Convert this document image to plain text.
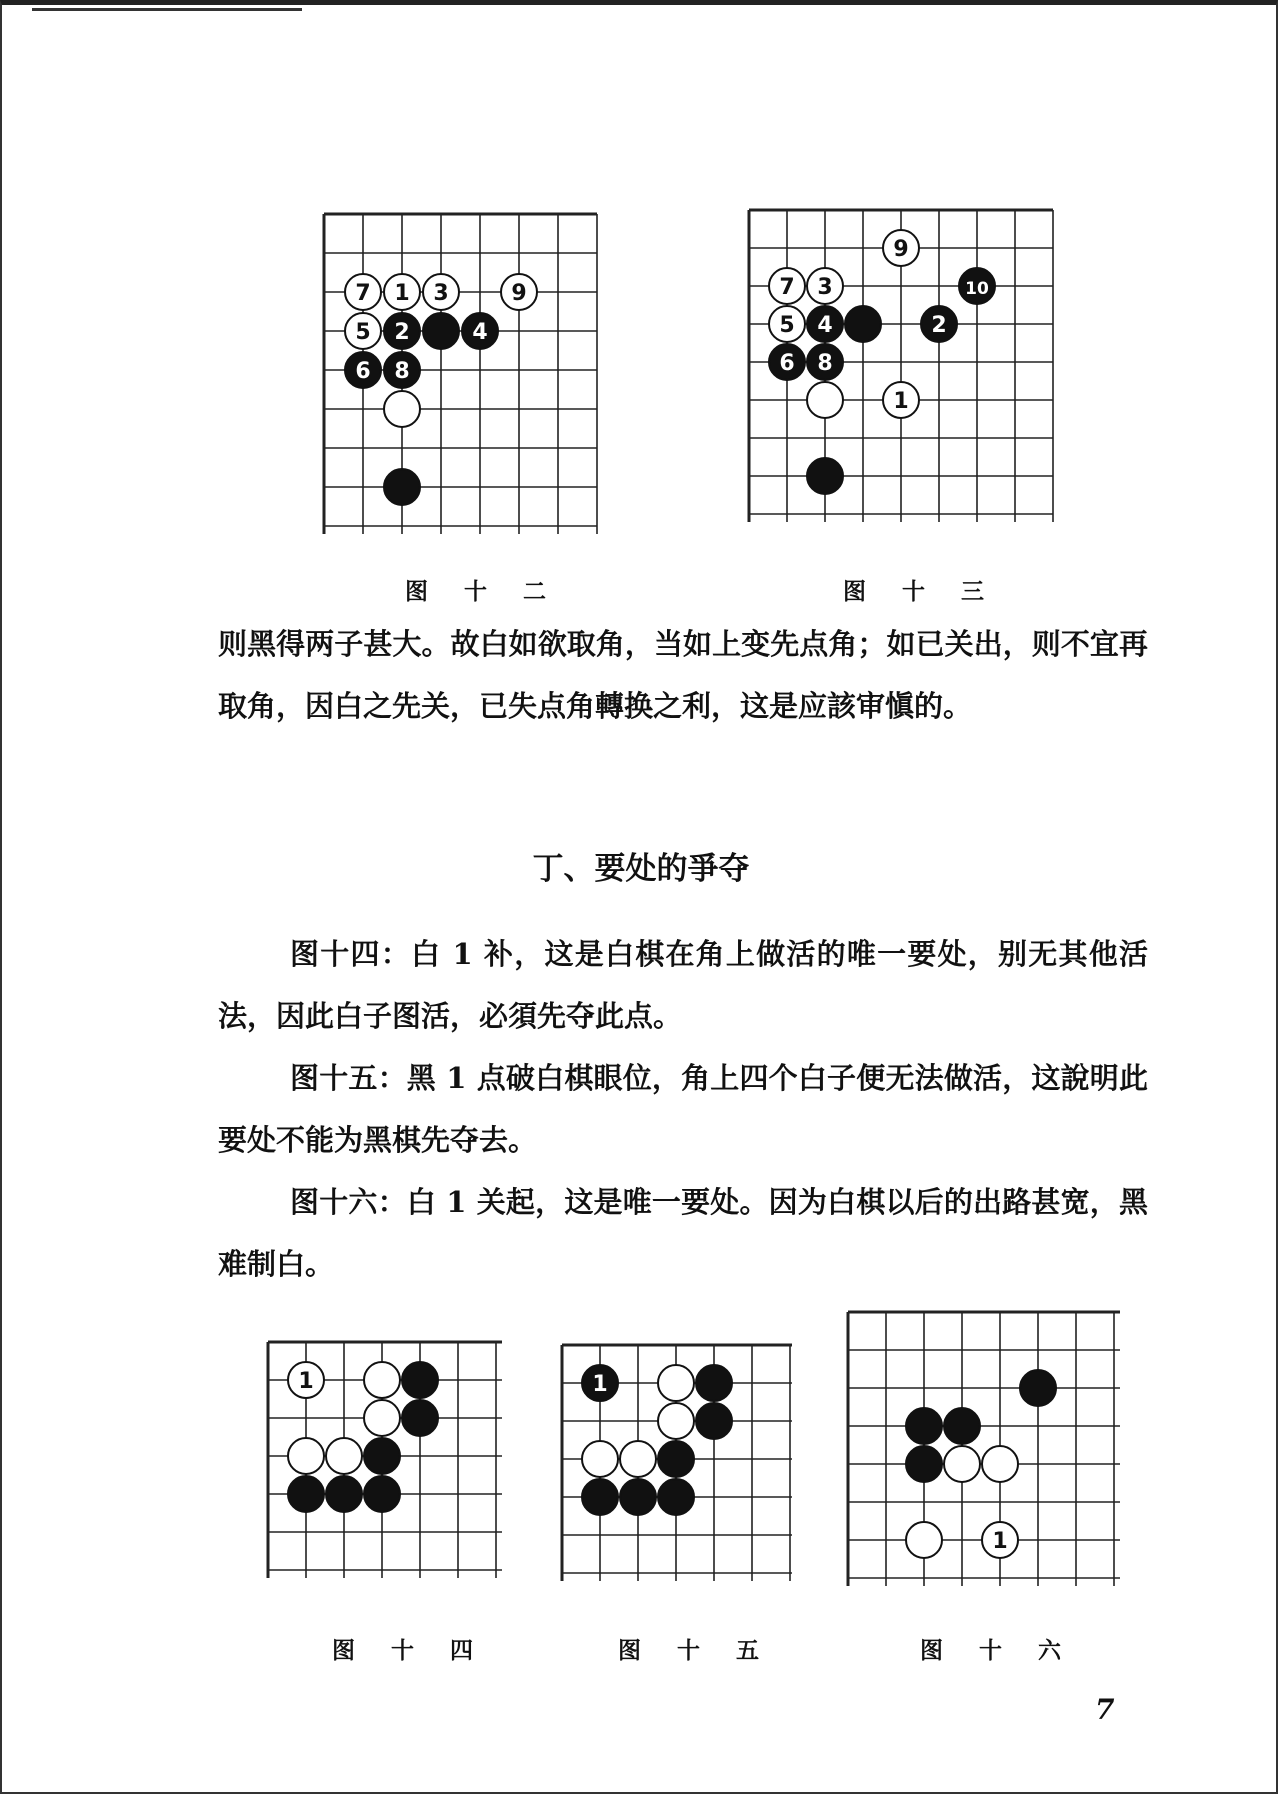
7 1 3	9
5 2	4
6 8
图 十 二
9
7 3	10
5 4	2
6 8
1
图 十 三
则黑得两子甚大。故白如欲取角，当如上变先点角；如已关出，则不宜再取角，因白之先关，已失点角轉换之利，这是应該审愼的。
丁、要处的爭夺
图十四：白 1 补，这是白棋在角上做活的唯一要处，别无其他活法，因此白子图活，必須先夺此点。
图十五：黑 1 点破白棋眼位，角上四个白子便无法做活，这說明此要处不能为黑棋先夺去。
图十六：白 1 关起，这是唯一要处。因为白棋以后的出路甚宽，黑难制白。
1
图 十 四
1
图 十 五
1
图 十 六
7
